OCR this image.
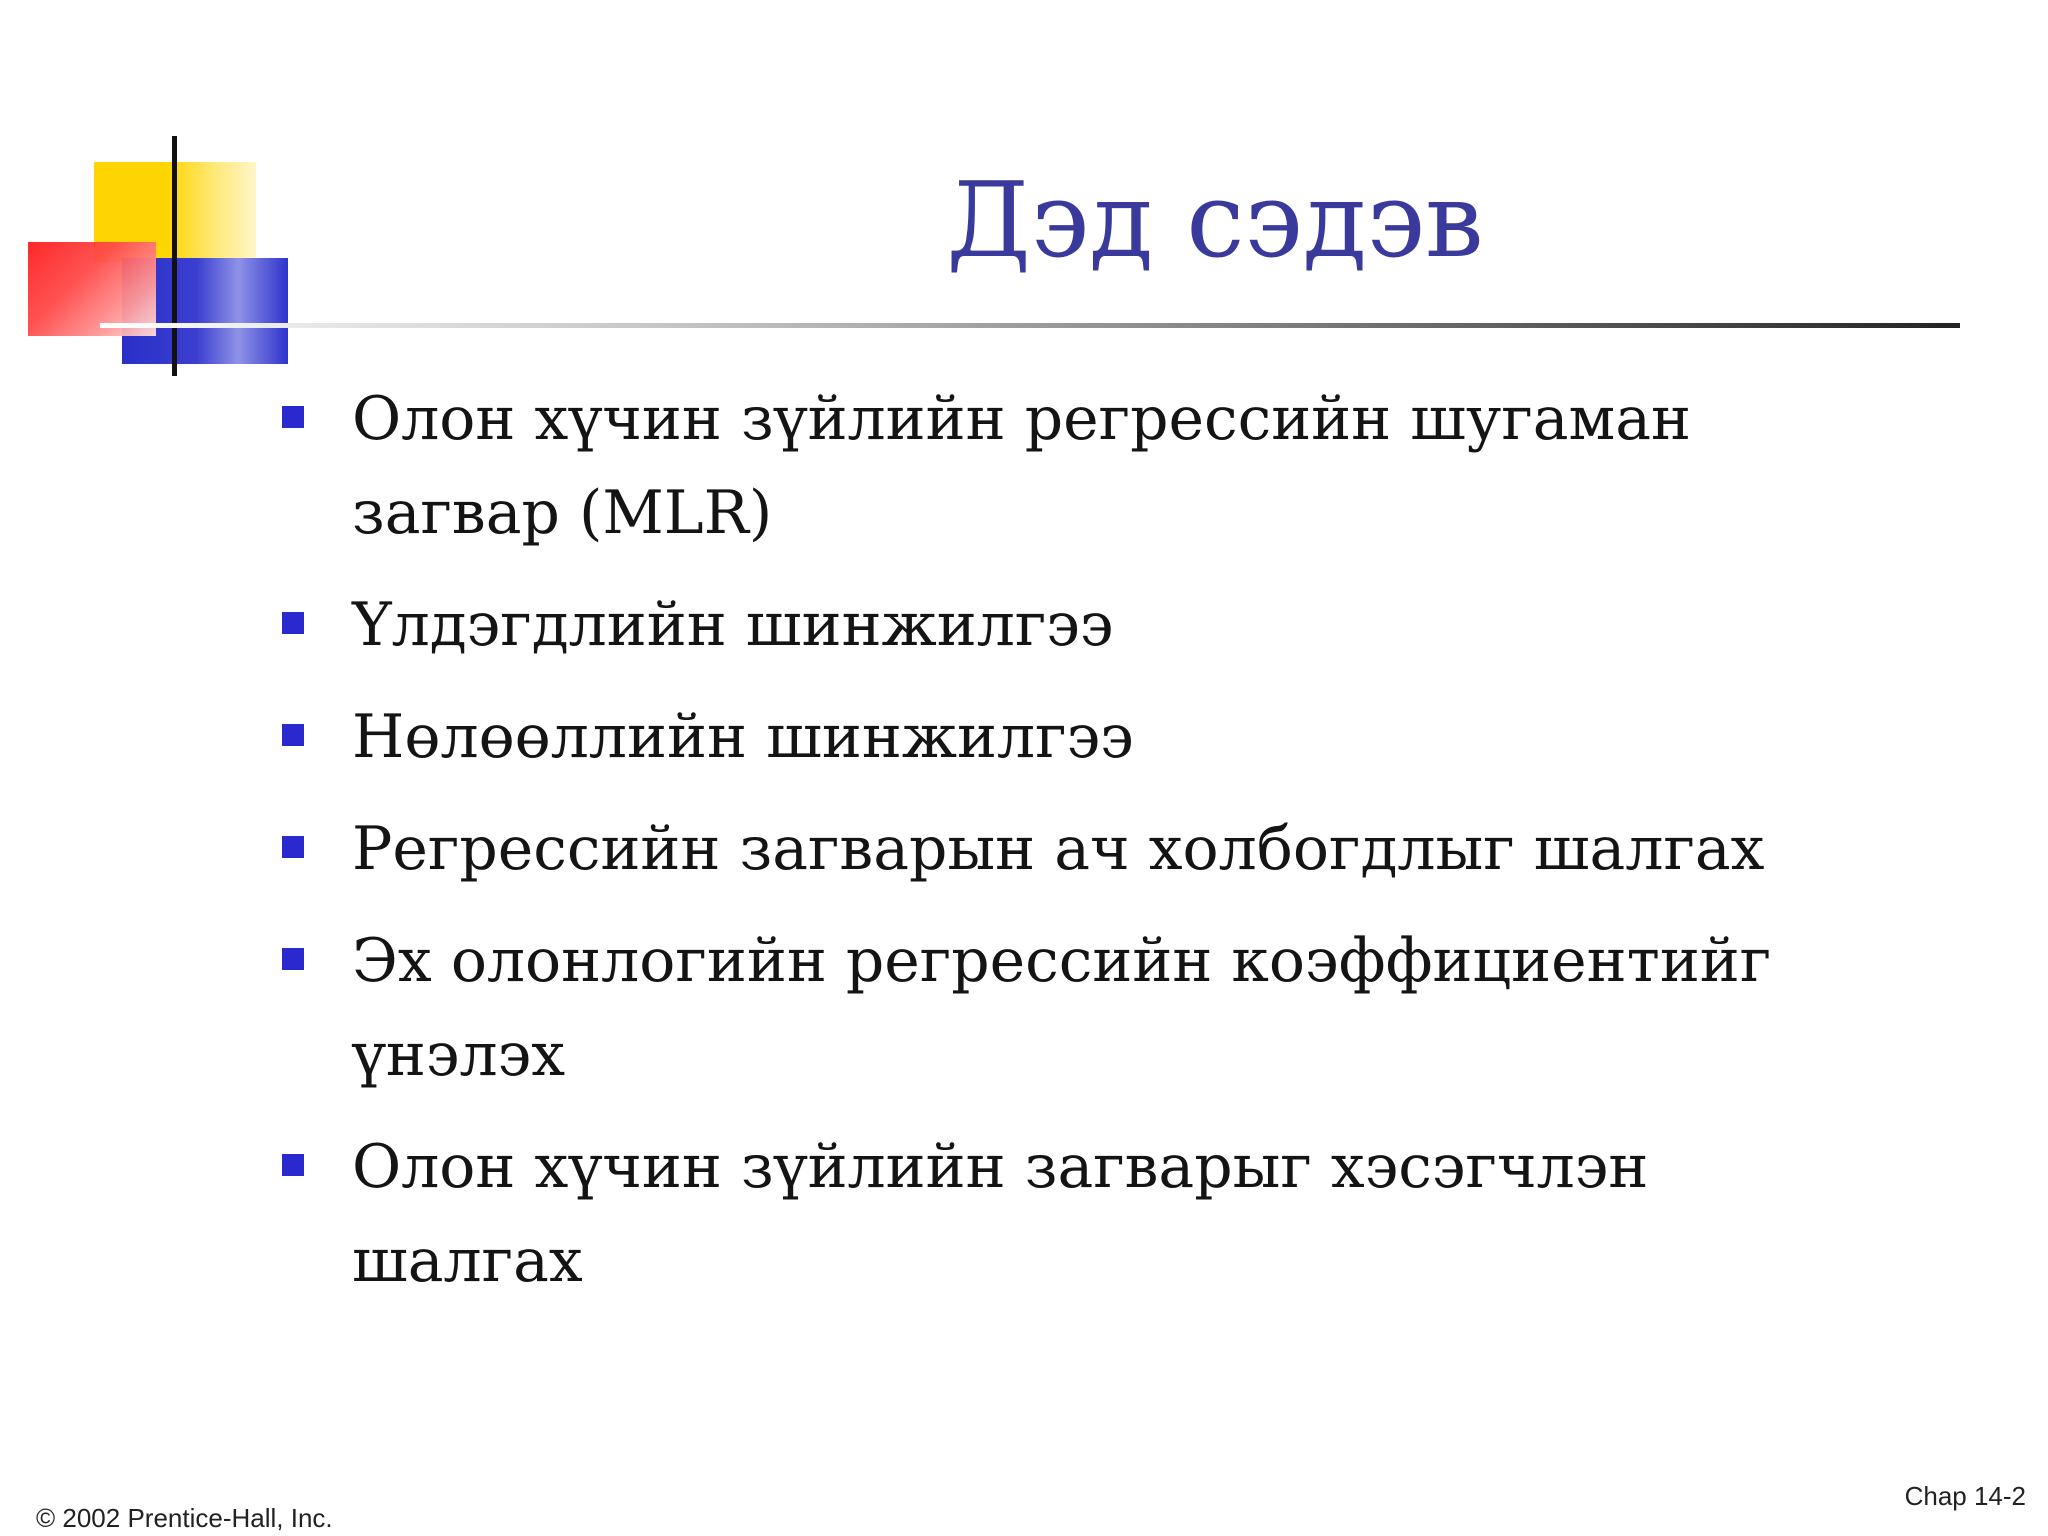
Дэд сэдэв
Олон хүчин зүйлийн регрессийн шугаман загвар (MLR)
Үлдэгдлийн шинжилгээ
Нөлөөллийн шинжилгээ
Регрессийн загварын ач холбогдлыг шалгах
Эх олонлогийн регрессийн коэффициентийг үнэлэх
Олон хүчин зүйлийн загварыг хэсэгчлэн шалгах
© 2002 Prentice-Hall, Inc.
Chap 14-2
